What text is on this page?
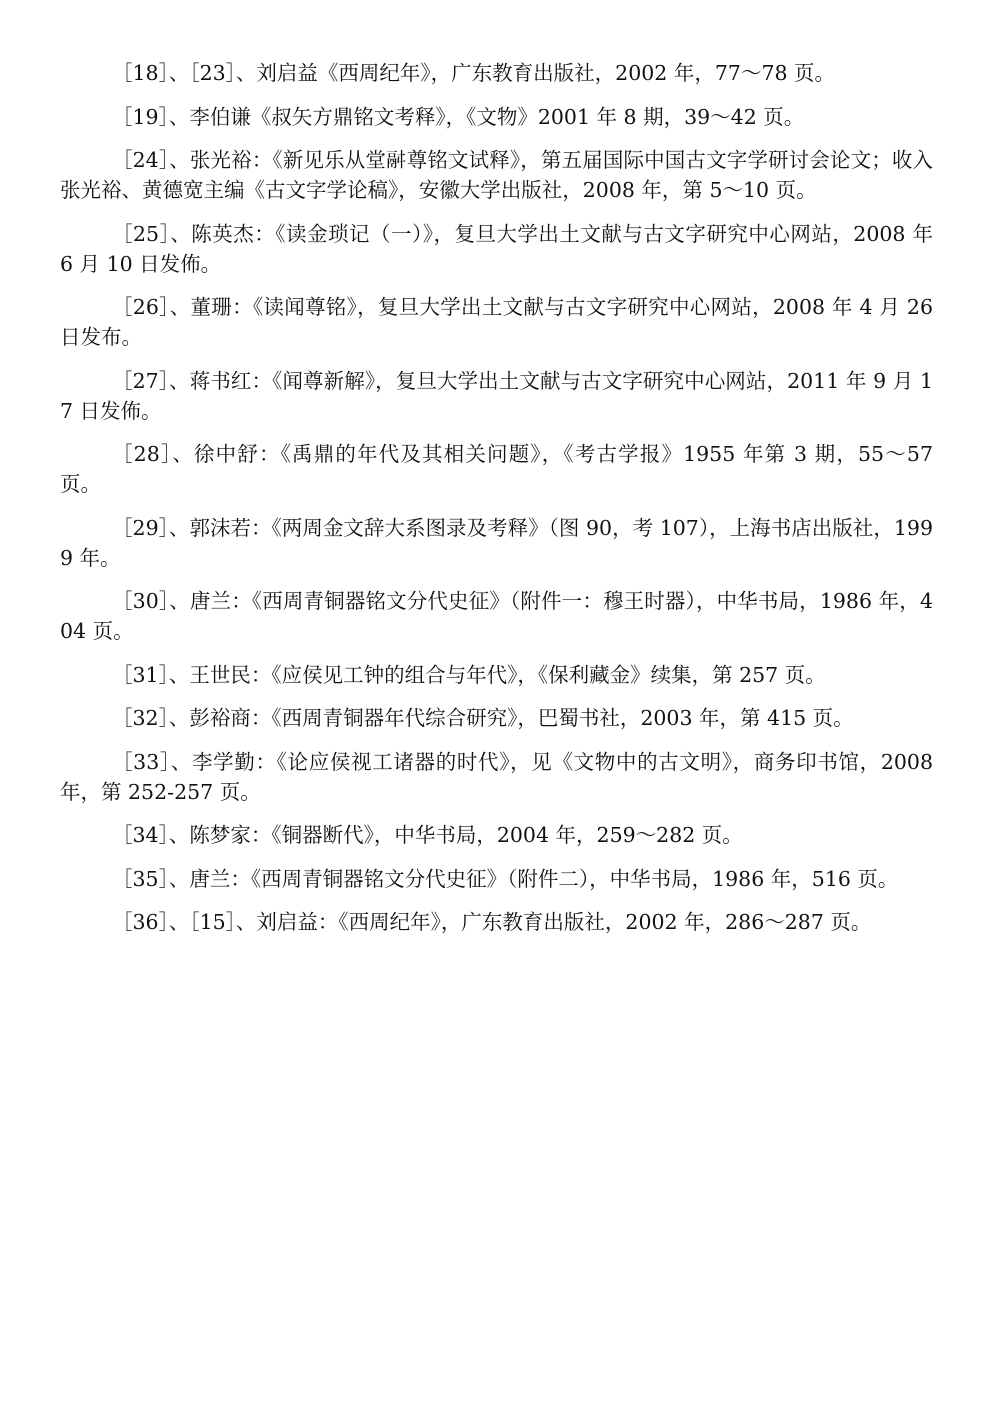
［18］、［23］、刘启益《西周纪年》，广东教育出版社，2002 年，77～78 页。

［19］、李伯谦《叔矢方鼎铭文考释》，《文物》2001 年 8 期，39～42 页。

［24］、张光裕：《新见乐从堂𩰫尊铭文试释》，第五届国际中国古文字学研讨会论文；收入张光裕、黄德宽主编《古文字学论稿》，安徽大学出版社，2008 年，第 5～10 页。

［25］、陈英杰：《读金琐记（一）》，复旦大学出土文献与古文字研究中心网站，2008 年 6 月 10 日发佈。

［26］、董珊：《读闻尊铭》，复旦大学出土文献与古文字研究中心网站，2008 年 4 月 26 日发布。

［27］、蒋书红：《闻尊新解》，复旦大学出土文献与古文字研究中心网站，2011 年 9 月 17 日发佈。

［28］、徐中舒：《禹鼎的年代及其相关问题》，《考古学报》1955 年第 3 期，55～57 页。

［29］、郭沫若：《两周金文辞大系图录及考释》（图 90，考 107），上海书店出版社，1999 年。

［30］、唐兰：《西周青铜器铭文分代史征》（附件一：穆王时器），中华书局，1986 年，404 页。

［31］、王世民：《应侯见工钟的组合与年代》，《保利藏金》续集，第 257 页。

［32］、彭裕商：《西周青铜器年代综合研究》，巴蜀书社，2003 年，第 415 页。

［33］、李学勤：《论应侯视工诸器的时代》，见《文物中的古文明》，商务印书馆，2008 年，第 252-257 页。

［34］、陈梦家：《铜器断代》，中华书局，2004 年，259～282 页。

［35］、唐兰：《西周青铜器铭文分代史征》（附件二），中华书局，1986 年，516 页。

［36］、［15］、刘启益：《西周纪年》，广东教育出版社，2002 年，286～287 页。
